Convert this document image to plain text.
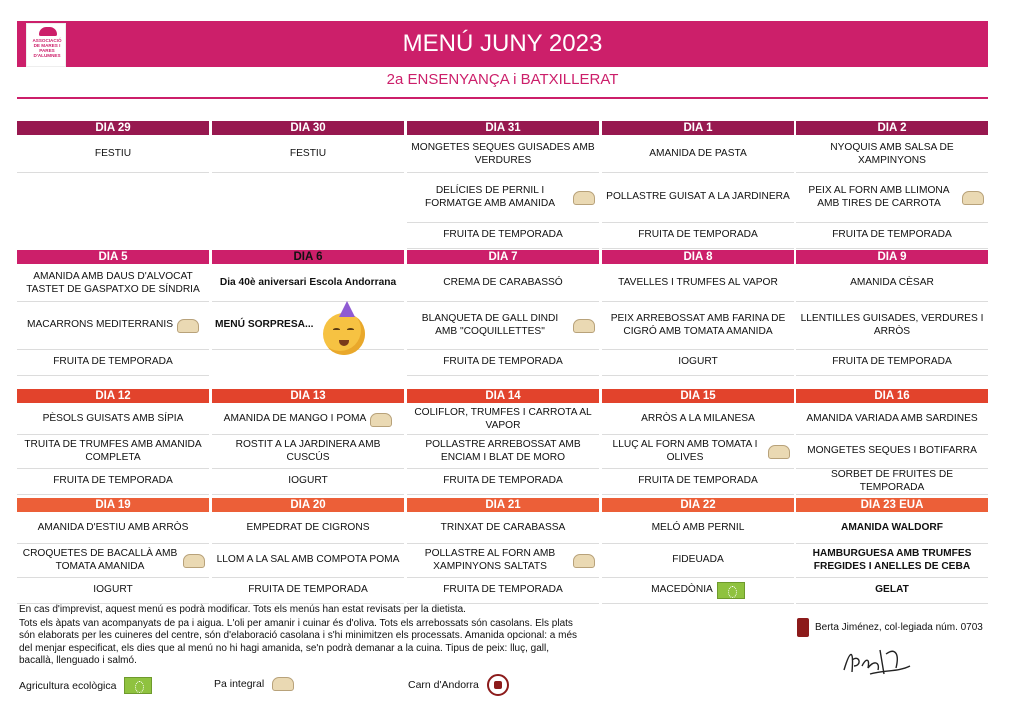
ASSOCIACIÓ DE MARES I PARES D'ALUMNES	MENÚ JUNY 2023
2a ENSENYANÇA i BATXILLERAT
DIA 29
FESTIU
DIA 30
FESTIU
DIA 31
MONGETES SEQUES GUISADES AMB VERDURES
DELÍCIES DE PERNIL I FORMATGE AMB AMANIDA
FRUITA DE TEMPORADA
DIA 1
AMANIDA DE PASTA
POLLASTRE GUISAT A LA JARDINERA
FRUITA DE TEMPORADA
DIA 2
NYOQUIS AMB SALSA DE XAMPINYONS
PEIX AL FORN AMB LLIMONA AMB TIRES DE CARROTA
FRUITA DE TEMPORADA
DIA 5
AMANIDA AMB DAUS D'ALVOCAT TASTET DE GASPATXO DE SÍNDRIA
MACARRONS MEDITERRANIS
FRUITA DE TEMPORADA
DIA 6
Dia 40è aniversari Escola Andorrana
MENÚ SORPRESA...
DIA 7
CREMA DE CARABASSÓ
BLANQUETA DE GALL DINDI AMB "COQUILLETTES"
FRUITA DE TEMPORADA
DIA 8
TAVELLES I TRUMFES AL VAPOR
PEIX ARREBOSSAT AMB FARINA DE CIGRÓ AMB TOMATA AMANIDA
IOGURT
DIA 9
AMANIDA CÈSAR
LLENTILLES GUISADES, VERDURES I ARRÒS
FRUITA DE TEMPORADA
DIA 12
PÈSOLS GUISATS AMB SÍPIA
TRUITA DE TRUMFES AMB AMANIDA COMPLETA
FRUITA DE TEMPORADA
DIA 13
AMANIDA DE MANGO I POMA
ROSTIT A LA JARDINERA AMB CUSCÚS
IOGURT
DIA 14
COLIFLOR, TRUMFES I CARROTA AL VAPOR
POLLASTRE ARREBOSSAT AMB ENCIAM I BLAT DE MORO
FRUITA DE TEMPORADA
DIA 15
ARRÒS A LA MILANESA
LLUÇ AL FORN AMB TOMATA I OLIVES
FRUITA DE TEMPORADA
DIA 16
AMANIDA VARIADA AMB SARDINES
MONGETES SEQUES I BOTIFARRA
SORBET DE FRUITES DE TEMPORADA
DIA 19
AMANIDA D'ESTIU AMB ARRÒS
CROQUETES DE BACALLÀ AMB TOMATA AMANIDA
IOGURT
DIA 20
EMPEDRAT DE CIGRONS
LLOM A LA SAL AMB COMPOTA POMA
FRUITA DE TEMPORADA
DIA 21
TRINXAT DE CARABASSA
POLLASTRE AL FORN AMB XAMPINYONS SALTATS
FRUITA DE TEMPORADA
DIA 22
MELÓ AMB PERNIL
FIDEUADA
MACEDÒNIA
DIA 23 EUA
AMANIDA WALDORF
HAMBURGUESA AMB TRUMFES FREGIDES I ANELLES DE CEBA
GELAT
En cas d'imprevist, aquest menú es podrà modificar. Tots els menús han estat revisats per la dietista.
Tots els àpats van acompanyats de pa i aigua. L'oli per amanir i cuinar és d'oliva. Tots els arrebossats són casolans. Els plats són elaborats per les cuineres del centre, són d'elaboració casolana i s'hi minimitzen els processats. Amanida opcional: a més del menjar especificat, els dies que al menú no hi hagi amanida, se'n podrà demanar a la cuina. Tipus de peix: lluç, gall, bacallà, llenguado i salmó.
Berta Jiménez, col·legiada núm. 0703
Agricultura ecològica	Pa integral	Carn d'Andorra
